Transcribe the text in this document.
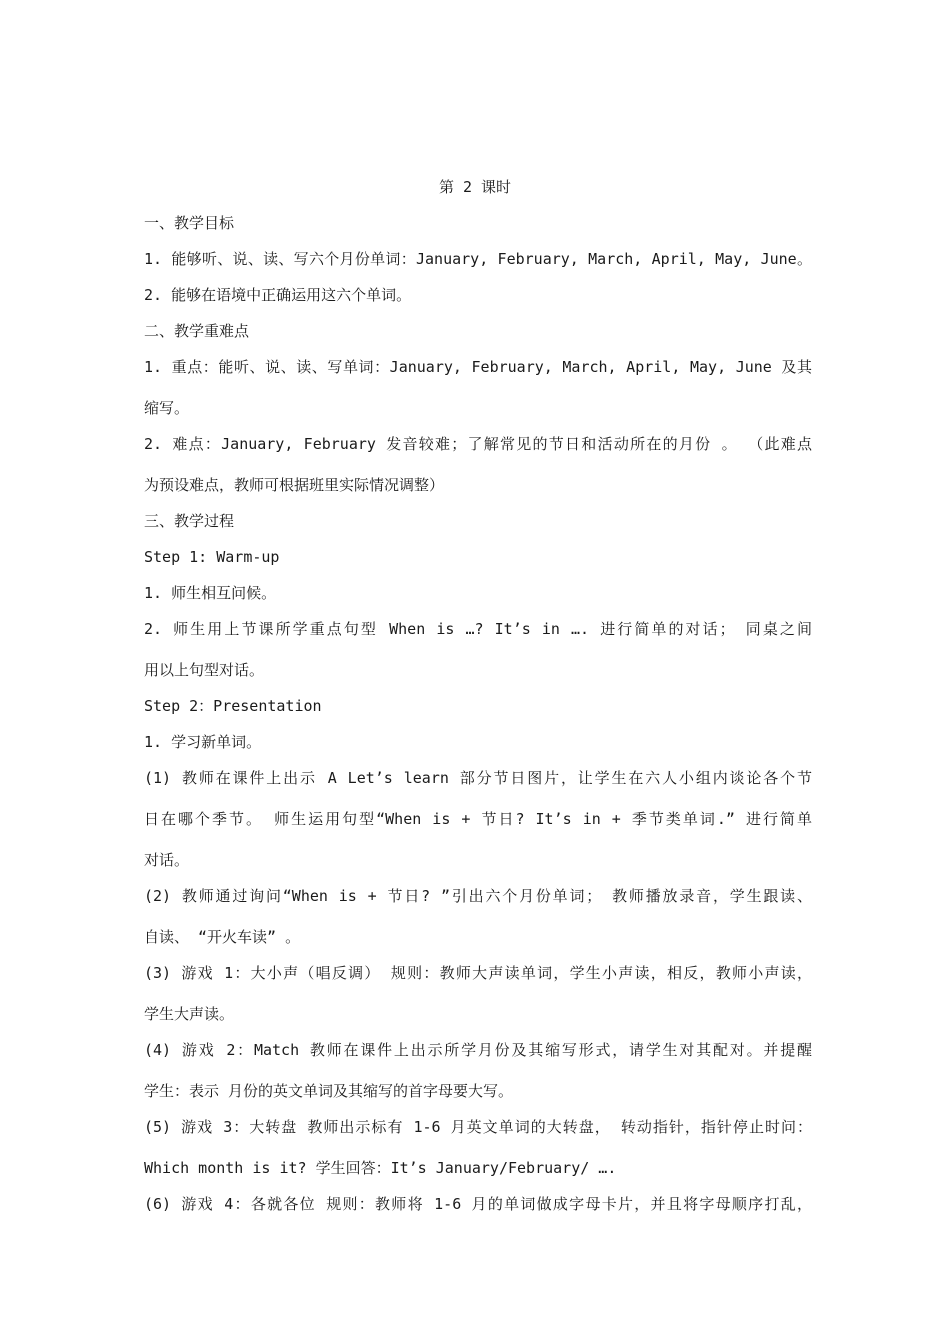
第 2 课时
一、教学目标
1. 能够听、说、读、写六个月份单词：January, February, March, April, May, June。
2. 能够在语境中正确运用这六个单词。
二、教学重难点
1. 重点：能听、说、读、写单词：January, February, March, April, May, June 及其
缩写。
2. 难点：January, February 发音较难；了解常见的节日和活动所在的月份 。 （此难点
为预设难点，教师可根据班里实际情况调整）
三、教学过程
Step 1: Warm-up
1. 师生相互问候。
2. 师生用上节课所学重点句型 When is …? It’s in …. 进行简单的对话； 同桌之间
用以上句型对话。
Step 2：Presentation
1. 学习新单词。
(1) 教师在课件上出示 A Let’s learn 部分节日图片，让学生在六人小组内谈论各个节
日在哪个季节。 师生运用句型“When is + 节日? It’s in + 季节类单词.” 进行简单
对话。
(2) 教师通过询问“When is + 节日? ”引出六个月份单词； 教师播放录音，学生跟读、
自读、 “开火车读” 。
(3) 游戏 1：大小声（唱反调） 规则：教师大声读单词，学生小声读，相反，教师小声读，
学生大声读。
(4) 游戏 2：Match 教师在课件上出示所学月份及其缩写形式，请学生对其配对。并提醒
学生：表示 月份的英文单词及其缩写的首字母要大写。
(5) 游戏 3：大转盘 教师出示标有 1-6 月英文单词的大转盘， 转动指针，指针停止时问：
Which month is it? 学生回答：It’s January/February/ ….
(6) 游戏 4：各就各位 规则：教师将 1-6 月的单词做成字母卡片，并且将字母顺序打乱，
